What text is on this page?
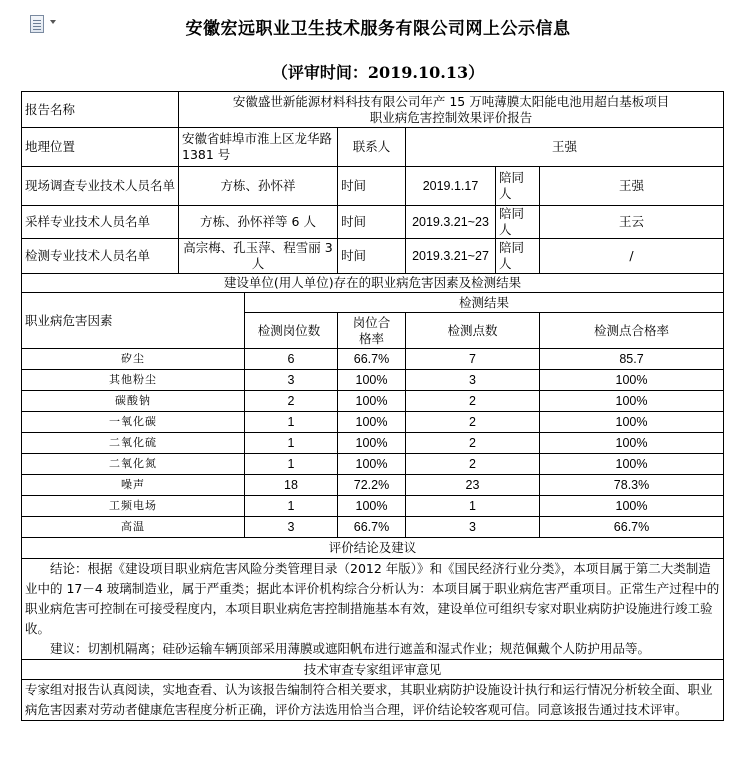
安徽宏远职业卫生技术服务有限公司网上公示信息
（评审时间：2019.10.13）
报告名称	安徽盛世新能源材料科技有限公司年产 15 万吨薄膜太阳能电池用超白基板项目
职业病危害控制效果评价报告					

地理位置	安徽省蚌埠市淮上区龙华路 1381 号		联系人	王强		
现场调查专业技术人员名单	方栋、孙怀祥		时间	2019.1.17	陪同人	王强
采样专业技术人员名单	方栋、孙怀祥等 6 人		时间	2019.3.21~23	陪同人	王云
检测专业技术人员名单	高宗梅、孔玉萍、程雪丽 3 人		时间	2019.3.21~27	陪同人	/
建设单位(用人单位)存在的职业病危害因素及检测结果						
职业病危害因素		检测结果				
		检测岗位数	岗位合格率	检测点数		检测点合格率
矽尘		6	66.7%	7		85.7
其他粉尘		3	100%	3		100%
碳酸钠		2	100%	2		100%
一氧化碳		1	100%	2		100%
二氧化硫		1	100%	2		100%
二氧化氮		1	100%	2		100%
噪声		18	72.2%	23		78.3%
工频电场		1	100%	1		100%
高温		3	66.7%	3		66.7%
评价结论及建议						

结论：根据《建设项目职业病危害风险分类管理目录（2012 年版）》和《国民经济行业分类》，本项目属于第二大类制造业中的 17－4 玻璃制造业，属于严重类；据此本评价机构综合分析认为：本项目属于职业病危害严重项目。正常生产过程中的职业病危害可控制在可接受程度内，本项目职业病危害控制措施基本有效，建设单位可组织专家对职业病防护设施进行竣工验收。
建议：切割机隔离；硅砂运输车辆顶部采用薄膜或遮阳帆布进行遮盖和湿式作业；规范佩戴个人防护用品等。						

技术审查专家组评审意见						
专家组对报告认真阅读，实地查看、认为该报告编制符合相关要求，其职业病防护设施设计执行和运行情况分析较全面、职业病危害因素对劳动者健康危害程度分析正确，评价方法选用恰当合理，评价结论较客观可信。同意该报告通过技术评审。						
